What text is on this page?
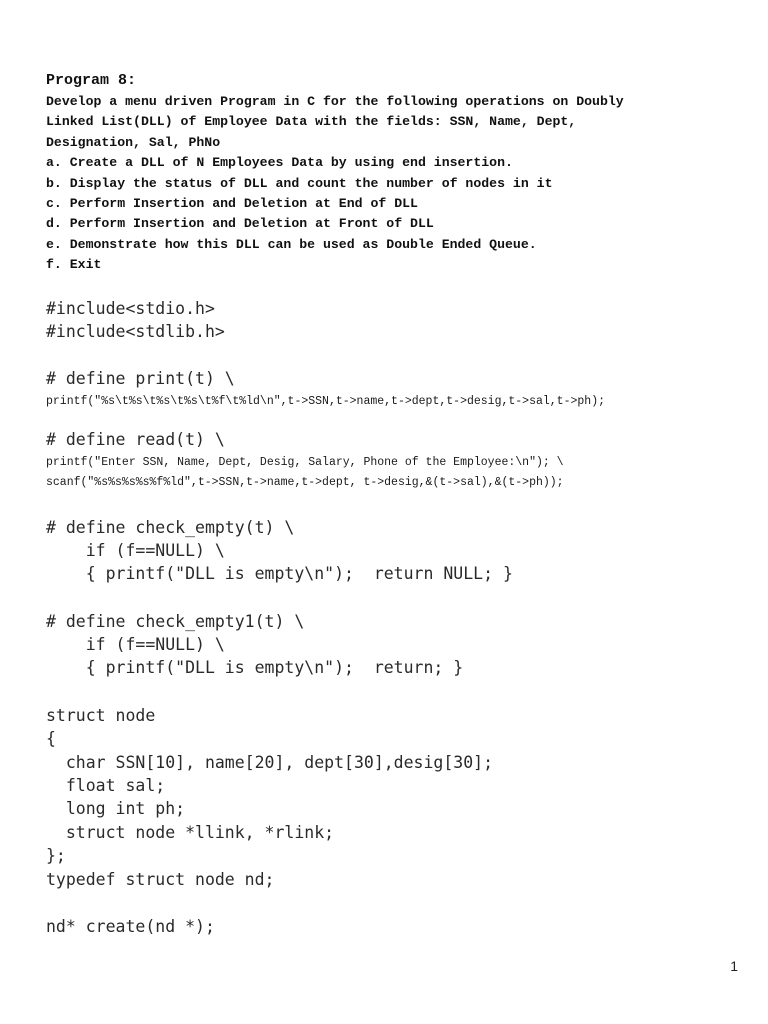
Program 8:

Develop a menu driven Program in C for the following operations on Doubly

Linked List(DLL) of Employee Data with the fields: SSN, Name, Dept,

Designation, Sal, PhNo

a. Create a DLL of N Employees Data by using end insertion.

b. Display the status of DLL and count the number of nodes in it

c. Perform Insertion and Deletion at End of DLL

d. Perform Insertion and Deletion at Front of DLL

e. Demonstrate how this DLL can be used as Double Ended Queue.

f. Exit

#include<stdio.h>

#include<stdlib.h>

# define print(t) \

printf("%s\t%s\t%s\t%s\t%f\t%ld\n",t->SSN,t->name,t->dept,t->desig,t->sal,t->ph);

# define read(t) \

printf("Enter SSN, Name, Dept, Desig, Salary, Phone of the Employee:\n"); \

scanf("%s%s%s%s%f%ld",t->SSN,t->name,t->dept, t->desig,&(t->sal),&(t->ph));

# define check_empty(t) \

if (f==NULL) \

{ printf("DLL is empty\n");  return NULL; }

# define check_empty1(t) \

if (f==NULL) \

{ printf("DLL is empty\n");  return; }

struct node

{

char SSN[10], name[20], dept[30],desig[30];

float sal;

long int ph;

struct node *llink, *rlink;

};

typedef struct node nd;

nd* create(nd *);

1
